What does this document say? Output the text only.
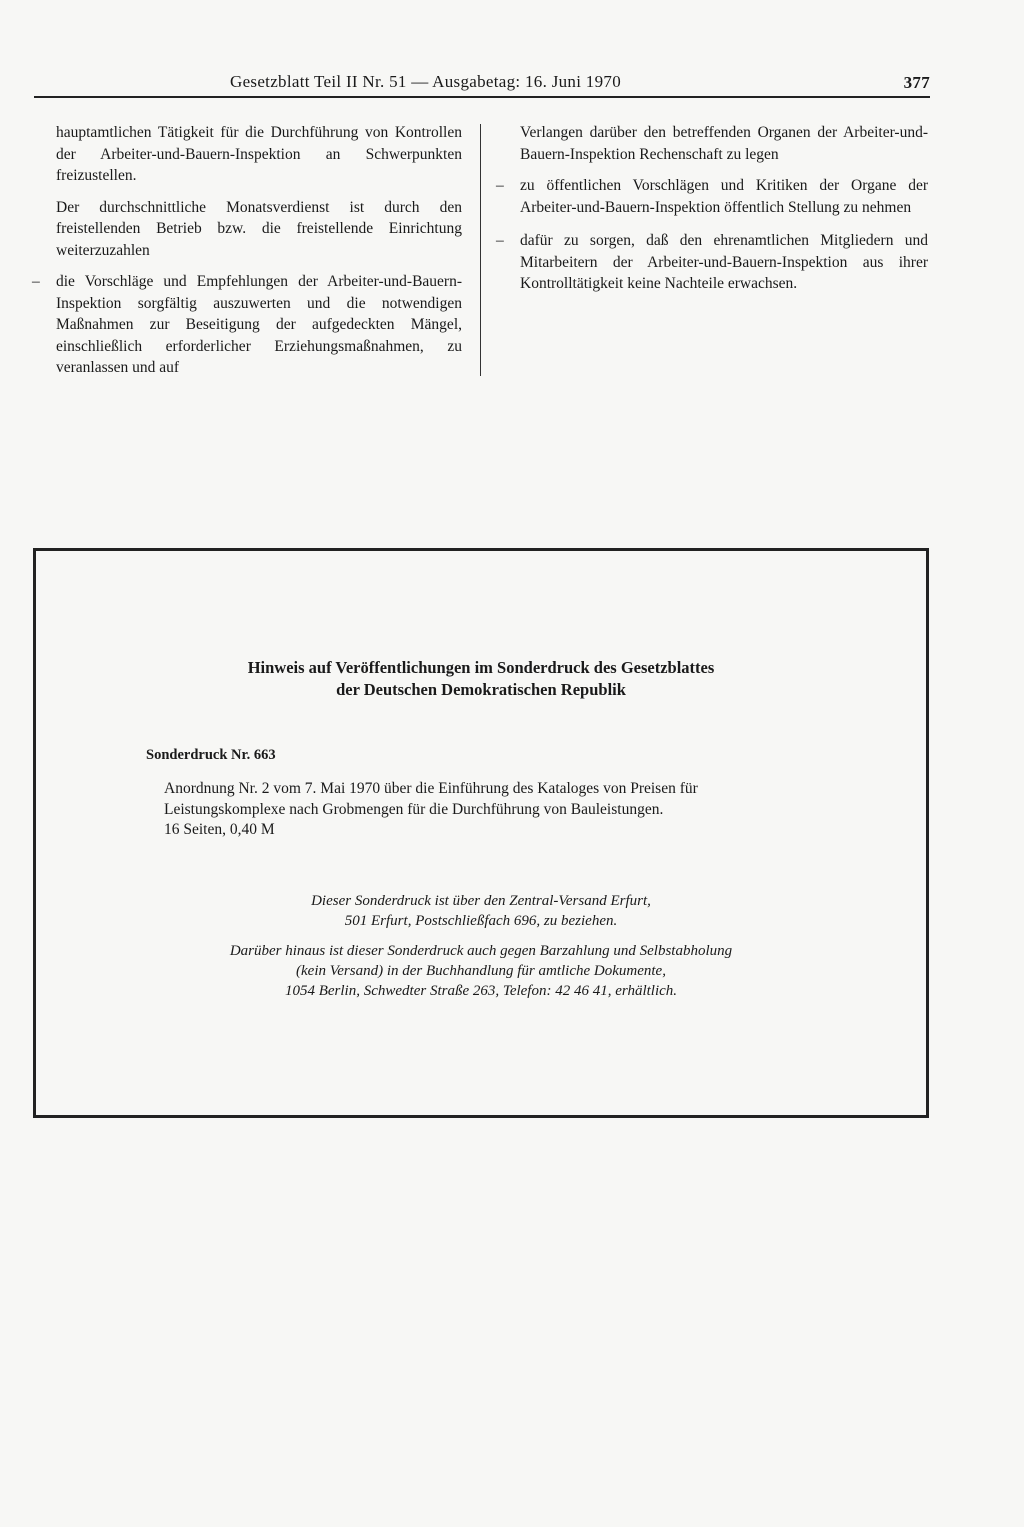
Gesetzblatt Teil II Nr. 51 — Ausgabetag: 16. Juni 1970	377

hauptamtlichen Tätigkeit für die Durchführung von Kontrollen der Arbeiter-und-Bauern-Inspektion an Schwerpunkten freizustellen.

Der durchschnittliche Monatsverdienst ist durch den freistellenden Betrieb bzw. die freistellende Einrichtung weiterzuzahlen

– die Vorschläge und Empfehlungen der Arbeiter-und-Bauern-Inspektion sorgfältig auszuwerten und die notwendigen Maßnahmen zur Beseitigung der aufgedeckten Mängel, einschließlich erforderlicher Erziehungsmaßnahmen, zu veranlassen und auf

Verlangen darüber den betreffenden Organen der Arbeiter-und-Bauern-Inspektion Rechenschaft zu legen

– zu öffentlichen Vorschlägen und Kritiken der Organe der Arbeiter-und-Bauern-Inspektion öffentlich Stellung zu nehmen
– dafür zu sorgen, daß den ehrenamtlichen Mitgliedern und Mitarbeitern der Arbeiter-und-Bauern-Inspektion aus ihrer Kontrolltätigkeit keine Nachteile erwachsen.
Hinweis auf Veröffentlichungen im Sonderdruck des Gesetzblattes
der Deutschen Demokratischen Republik
Sonderdruck Nr. 663
Anordnung Nr. 2 vom 7. Mai 1970 über die Einführung des Kataloges von Preisen für Leistungskomplexe nach Grobmengen für die Durchführung von Bauleistungen.
16 Seiten, 0,40 M
Dieser Sonderdruck ist über den Zentral-Versand Erfurt,
501 Erfurt, Postschließfach 696, zu beziehen.
Darüber hinaus ist dieser Sonderdruck auch gegen Barzahlung und Selbstabholung
(kein Versand) in der Buchhandlung für amtliche Dokumente,
1054 Berlin, Schwedter Straße 263, Telefon: 42 46 41, erhältlich.
